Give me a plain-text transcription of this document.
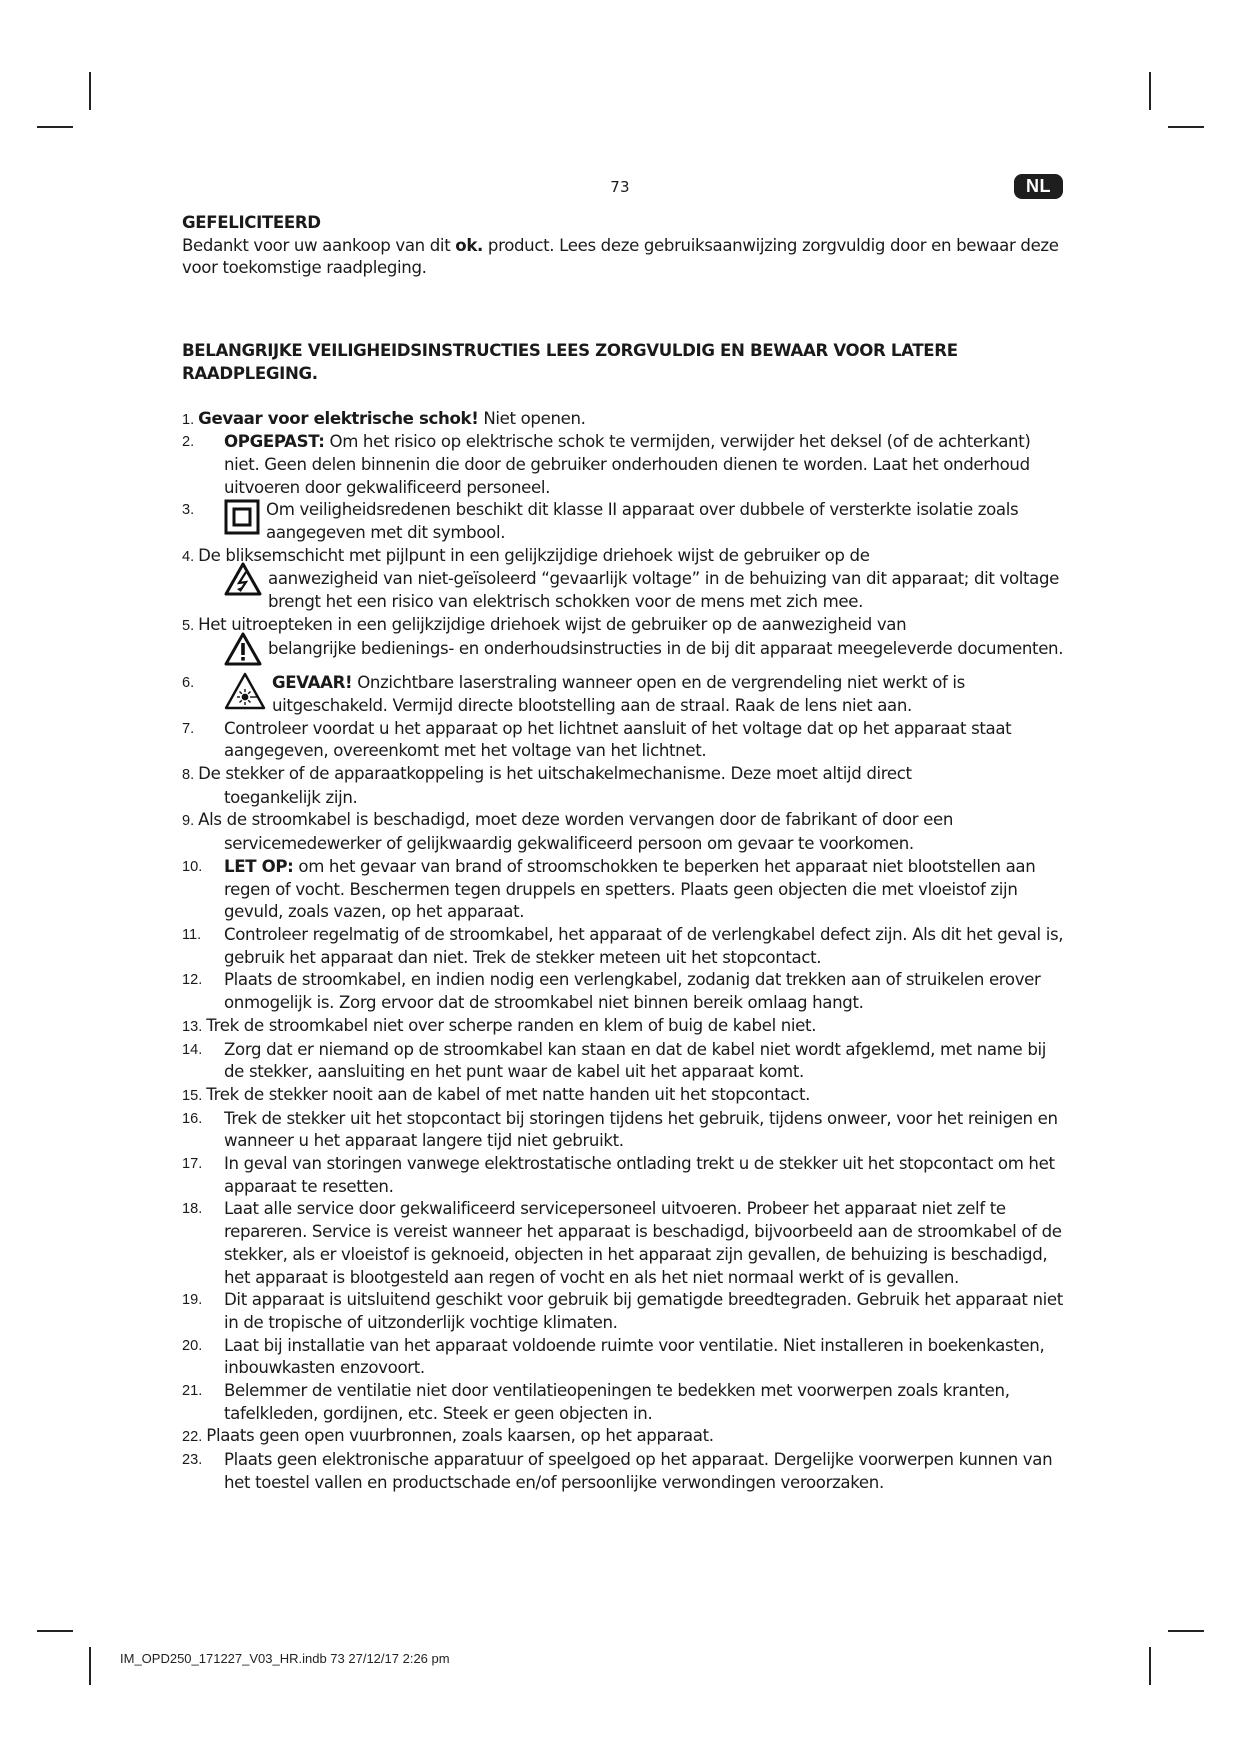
73	NL

GEFELICITEERD

Bedankt voor uw aankoop van dit ok. product. Lees deze gebruiksaanwijzing zorgvuldig door en bewaar deze voor toekomstige raadpleging.

BELANGRIJKE VEILIGHEIDSINSTRUCTIES LEES ZORGVULDIG EN BEWAAR VOOR LATERE RAADPLEGING.
1. Gevaar voor elektrische schok! Niet openen.
2. OPGEPAST: Om het risico op elektrische schok te vermijden, verwijder het deksel (of de achterkant) niet. Geen delen binnenin die door de gebruiker onderhouden dienen te worden. Laat het onderhoud uitvoeren door gekwalificeerd personeel.
3.	Om veiligheidsredenen beschikt dit klasse II apparaat over dubbele of versterkte isolatie zoals aangegeven met dit symbool.
4. De bliksemschicht met pijlpunt in een gelijkzijdige driehoek wijst de gebruiker op de
aanwezigheid van niet-geïsoleerd “gevaarlijk voltage” in de behuizing van dit apparaat; dit voltage brengt het een risico van elektrisch schokken voor de mens met zich mee.
5. Het uitroepteken in een gelijkzijdige driehoek wijst de gebruiker op de aanwezigheid van
belangrijke bedienings- en onderhoudsinstructies in de bij dit apparaat meegeleverde documenten.
6.	GEVAAR! Onzichtbare laserstraling wanneer open en de vergrendeling niet werkt of is uitgeschakeld. Vermijd directe blootstelling aan de straal. Raak de lens niet aan.
7. Controleer voordat u het apparaat op het lichtnet aansluit of het voltage dat op het apparaat staat aangegeven, overeenkomt met het voltage van het lichtnet.
8. De stekker of de apparaatkoppeling is het uitschakelmechanisme. Deze moet altijd direct
toegankelijk zijn.
9. Als de stroomkabel is beschadigd, moet deze worden vervangen door de fabrikant of door een
servicemedewerker of gelijkwaardig gekwalificeerd persoon om gevaar te voorkomen.
10. LET OP: om het gevaar van brand of stroomschokken te beperken het apparaat niet blootstellen aan regen of vocht. Beschermen tegen druppels en spetters. Plaats geen objecten die met vloeistof zijn gevuld, zoals vazen, op het apparaat.
11. Controleer regelmatig of de stroomkabel, het apparaat of de verlengkabel defect zijn. Als dit het geval is, gebruik het apparaat dan niet. Trek de stekker meteen uit het stopcontact.
12. Plaats de stroomkabel, en indien nodig een verlengkabel, zodanig dat trekken aan of struikelen erover onmogelijk is. Zorg ervoor dat de stroomkabel niet binnen bereik omlaag hangt.
13. Trek de stroomkabel niet over scherpe randen en klem of buig de kabel niet.
14. Zorg dat er niemand op de stroomkabel kan staan en dat de kabel niet wordt afgeklemd, met name bij de stekker, aansluiting en het punt waar de kabel uit het apparaat komt.
15. Trek de stekker nooit aan de kabel of met natte handen uit het stopcontact.
16. Trek de stekker uit het stopcontact bij storingen tijdens het gebruik, tijdens onweer, voor het reinigen en wanneer u het apparaat langere tijd niet gebruikt.
17. In geval van storingen vanwege elektrostatische ontlading trekt u de stekker uit het stopcontact om het apparaat te resetten.
18. Laat alle service door gekwalificeerd servicepersoneel uitvoeren. Probeer het apparaat niet zelf te repareren. Service is vereist wanneer het apparaat is beschadigd, bijvoorbeeld aan de stroomkabel of de stekker, als er vloeistof is geknoeid, objecten in het apparaat zijn gevallen, de behuizing is beschadigd, het apparaat is blootgesteld aan regen of vocht en als het niet normaal werkt of is gevallen.
19. Dit apparaat is uitsluitend geschikt voor gebruik bij gematigde breedtegraden. Gebruik het apparaat niet in de tropische of uitzonderlijk vochtige klimaten.
20. Laat bij installatie van het apparaat voldoende ruimte voor ventilatie. Niet installeren in boekenkasten, inbouwkasten enzovoort.
21. Belemmer de ventilatie niet door ventilatieopeningen te bedekken met voorwerpen zoals kranten, tafelkleden, gordijnen, etc. Steek er geen objecten in.
22. Plaats geen open vuurbronnen, zoals kaarsen, op het apparaat.
23. Plaats geen elektronische apparatuur of speelgoed op het apparaat. Dergelijke voorwerpen kunnen van het toestel vallen en productschade en/of persoonlijke verwondingen veroorzaken.
IM_OPD250_171227_V03_HR.indb 73 27/12/17 2:26 pm
